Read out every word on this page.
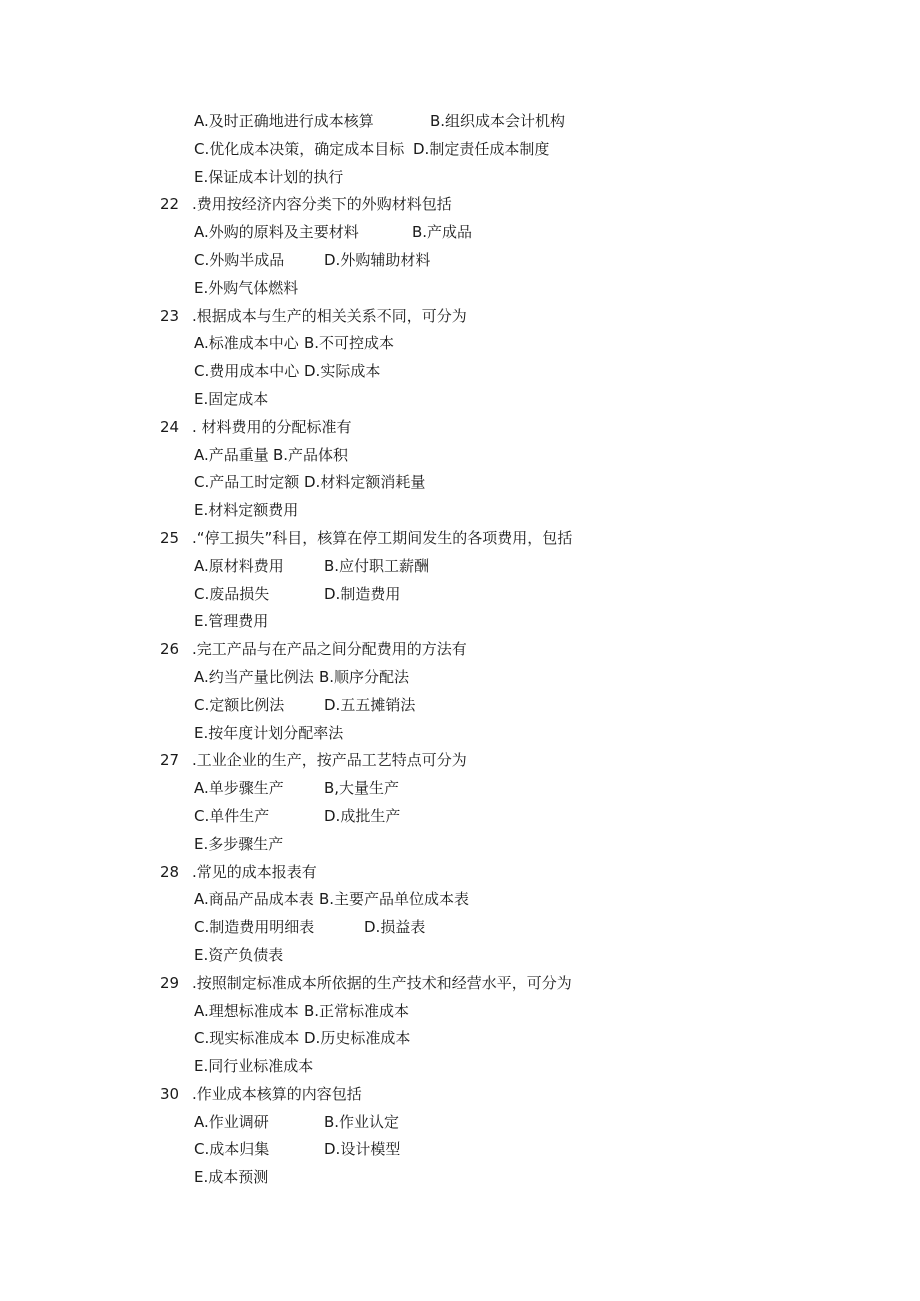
A.及时正确地进行成本核算	B.组织成本会计机构
C.优化成本决策，确定成本目标 D.制定责任成本制度
E.保证成本计划的执行
22 .费用按经济内容分类下的外购材料包括
A.外购的原料及主要材料	B.产成品
C.外购半成品	D.外购辅助材料
E.外购气体燃料
23 .根据成本与生产的相关关系不同，可分为
A.标准成本中心 B.不可控成本
C.费用成本中心 D.实际成本
E.固定成本
24 . 材料费用的分配标准有
A.产品重量 B.产品体积
C.产品工时定额 D.材料定额消耗量
E.材料定额费用
25 .“停工损失”科目，核算在停工期间发生的各项费用，包括
A.原材料费用	B.应付职工薪酬
C.废品损失	D.制造费用
E.管理费用
26 .完工产品与在产品之间分配费用的方法有
A.约当产量比例法 B.顺序分配法
C.定额比例法	D.五五摊销法
E.按年度计划分配率法
27 .工业企业的生产，按产品工艺特点可分为
A.单步骤生产	B,大量生产
C.单件生产	D.成批生产
E.多步骤生产
28 .常见的成本报表有
A.商品产品成本表 B.主要产品单位成本表
C.制造费用明细表	D.损益表
E.资产负债表
29 .按照制定标准成本所依据的生产技术和经营水平，可分为
A.理想标准成本 B.正常标准成本
C.现实标准成本 D.历史标准成本
E.同行业标准成本
30 .作业成本核算的内容包括
A.作业调研	B.作业认定
C.成本归集	D.设计模型
E.成本预测
